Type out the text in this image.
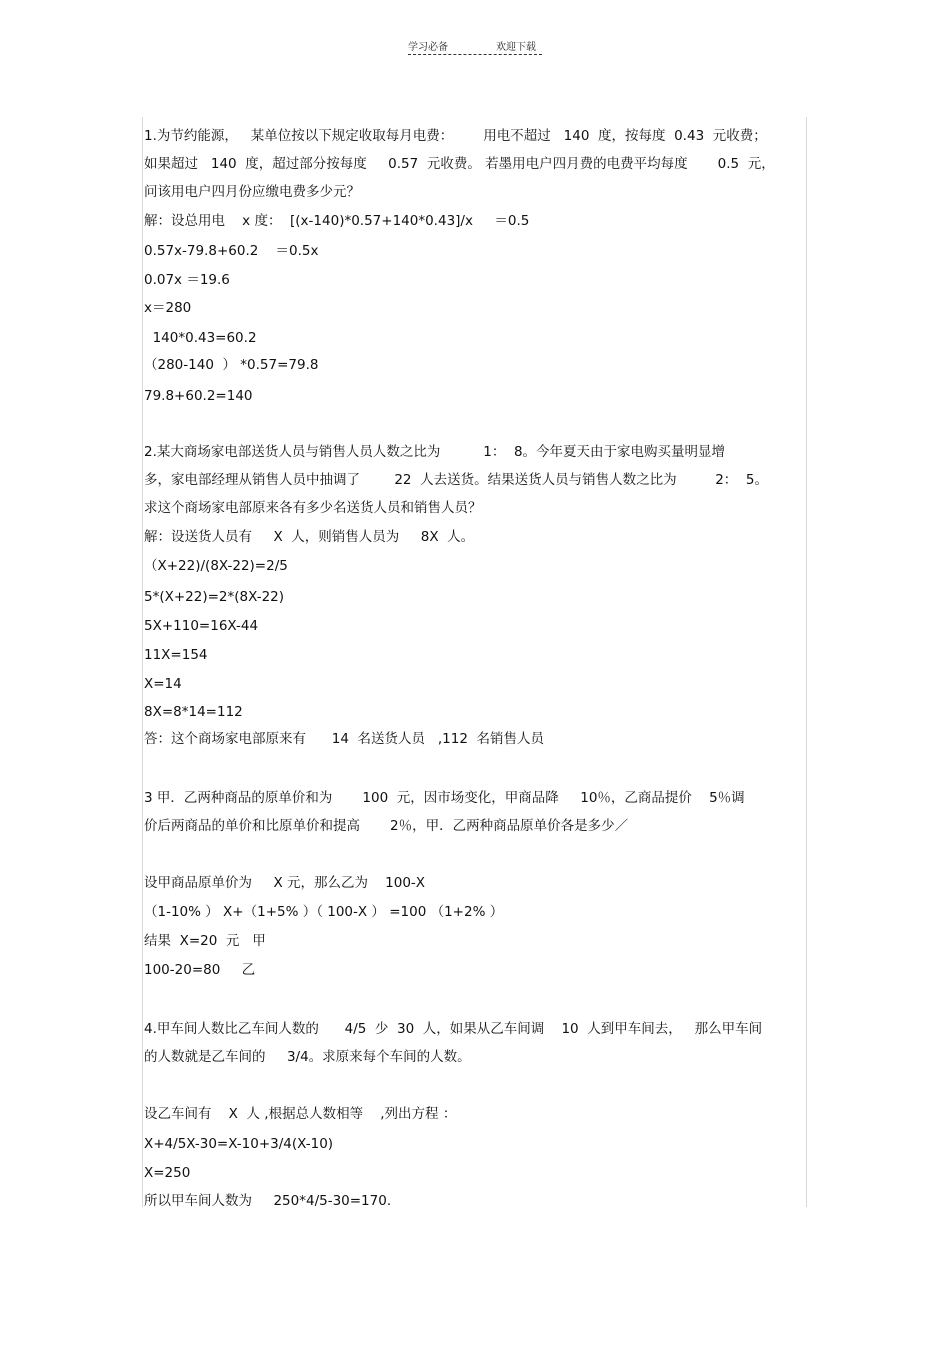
学习必备	欢迎下载
1.为节约能源，   某单位按以下规定收取每月电费：       用电不超过   140  度，按每度  0.43  元收费；
如果超过   140  度，超过部分按每度     0.57  元收费。 若墨用电户四月费的电费平均每度       0.5  元，
问该用电户四月份应缴电费多少元？
解：设总用电    x 度：  [(x-140)*0.57+140*0.43]/x     ＝0.5
0.57x-79.8+60.2    ＝0.5x
0.07x ＝19.6
x＝280
140*0.43=60.2
（280-140  ） *0.57=79.8
79.8+60.2=140
2.某大商场家电部送货人员与销售人员人数之比为          1：  8。今年夏天由于家电购买量明显增
多，家电部经理从销售人员中抽调了        22  人去送货。结果送货人员与销售人数之比为         2：  5。
求这个商场家电部原来各有多少名送货人员和销售人员？
解：设送货人员有     X  人，则销售人员为     8X  人。
（X+22)/(8X-22)=2/5
5*(X+22)=2*(8X-22)
5X+110=16X-44
11X=154
X=14
8X=8*14=112
答：这个商场家电部原来有      14  名送货人员   ,112  名销售人员
3 甲．乙两种商品的原单价和为       100  元，因市场变化，甲商品降     10％，乙商品提价    5％调
价后两商品的单价和比原单价和提高       2％，甲．乙两种商品原单价各是多少／
设甲商品原单价为     X 元，那么乙为    100-X
（1-10% ） X+（1+5% ）（ 100-X ） =100 （1+2% ）
结果  X=20  元   甲
100-20=80     乙
4.甲车间人数比乙车间人数的      4/5  少  30  人，如果从乙车间调    10  人到甲车间去，   那么甲车间
的人数就是乙车间的     3/4。求原来每个车间的人数。
设乙车间有    X  人 ,根据总人数相等    ,列出方程 ：
X+4/5X-30=X-10+3/4(X-10)
X=250
所以甲车间人数为     250*4/5-30=170.
